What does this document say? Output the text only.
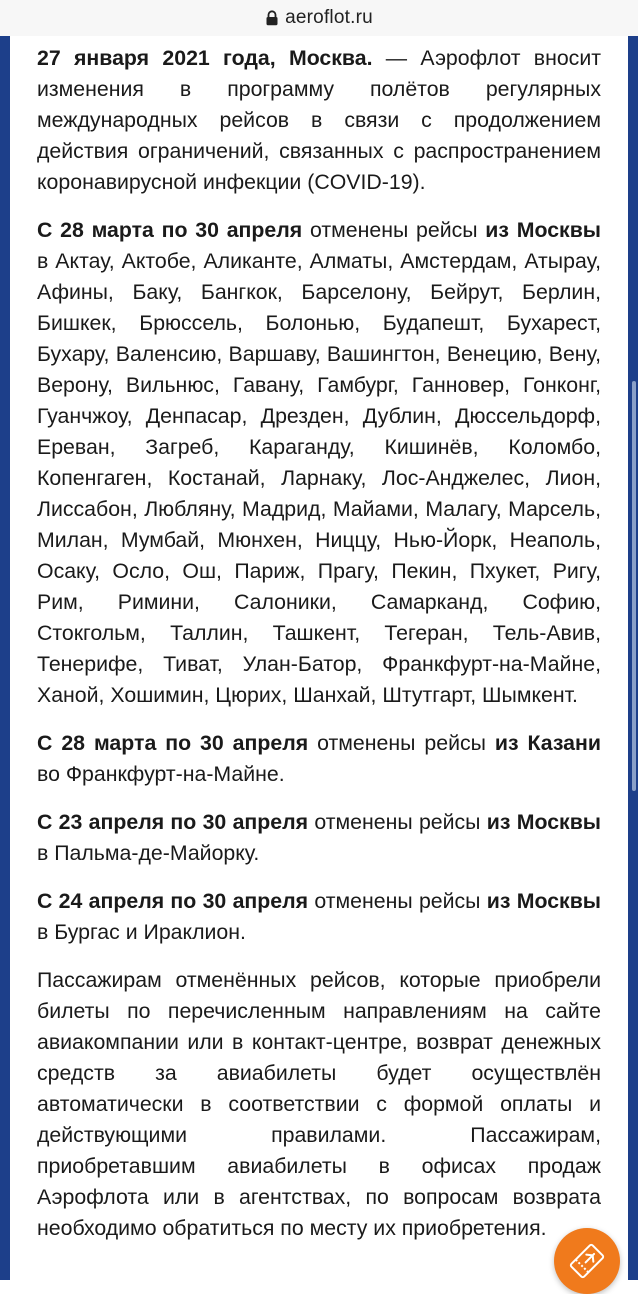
aeroflot.ru

27 января 2021 года, Москва. — Аэрофлот вносит изменения в программу полётов регулярных международных рейсов в связи с продолжением действия ограничений, связанных с распространением коронавирусной инфекции (COVID-19).

С 28 марта по 30 апреля отменены рейсы из Москвы в Актау, Актобе, Аликанте, Алматы, Амстердам, Атырау, Афины, Баку, Бангкок, Барселону, Бейрут, Берлин, Бишкек, Брюссель, Болонью, Будапешт, Бухарест, Бухару, Валенсию, Варшаву, Вашингтон, Венецию, Вену, Верону, Вильнюс, Гавану, Гамбург, Ганновер, Гонконг, Гуанчжоу, Денпасар, Дрезден, Дублин, Дюссельдорф, Ереван, Загреб, Караганду, Кишинёв, Коломбо, Копенгаген, Костанай, Ларнаку, Лос-Анджелес, Лион, Лиссабон, Любляну, Мадрид, Майами, Малагу, Марсель, Милан, Мумбай, Мюнхен, Ниццу, Нью-Йорк, Неаполь, Осаку, Осло, Ош, Париж, Прагу, Пекин, Пхукет, Ригу, Рим, Римини, Салоники, Самарканд, Софию, Стокгольм, Таллин, Ташкент, Тегеран, Тель-Авив, Тенерифе, Тиват, Улан-Батор, Франкфурт-на-Майне, Ханой, Хошимин, Цюрих, Шанхай, Штутгарт, Шымкент.

С 28 марта по 30 апреля отменены рейсы из Казани во Франкфурт-на-Майне.

С 23 апреля по 30 апреля отменены рейсы из Москвы в Пальма-де-Майорку.

С 24 апреля по 30 апреля отменены рейсы из Москвы в Бургас и Ираклион.

Пассажирам отменённых рейсов, которые приобрели билеты по перечисленным направлениям на сайте авиакомпании или в контакт-центре, возврат денежных средств за авиабилеты будет осуществлён автоматически в соответствии с формой оплаты и действующими правилами. Пассажирам, приобретавшим авиабилеты в офисах продаж Аэрофлота или в агентствах, по вопросам возврата необходимо обратиться по месту их приобретения.
